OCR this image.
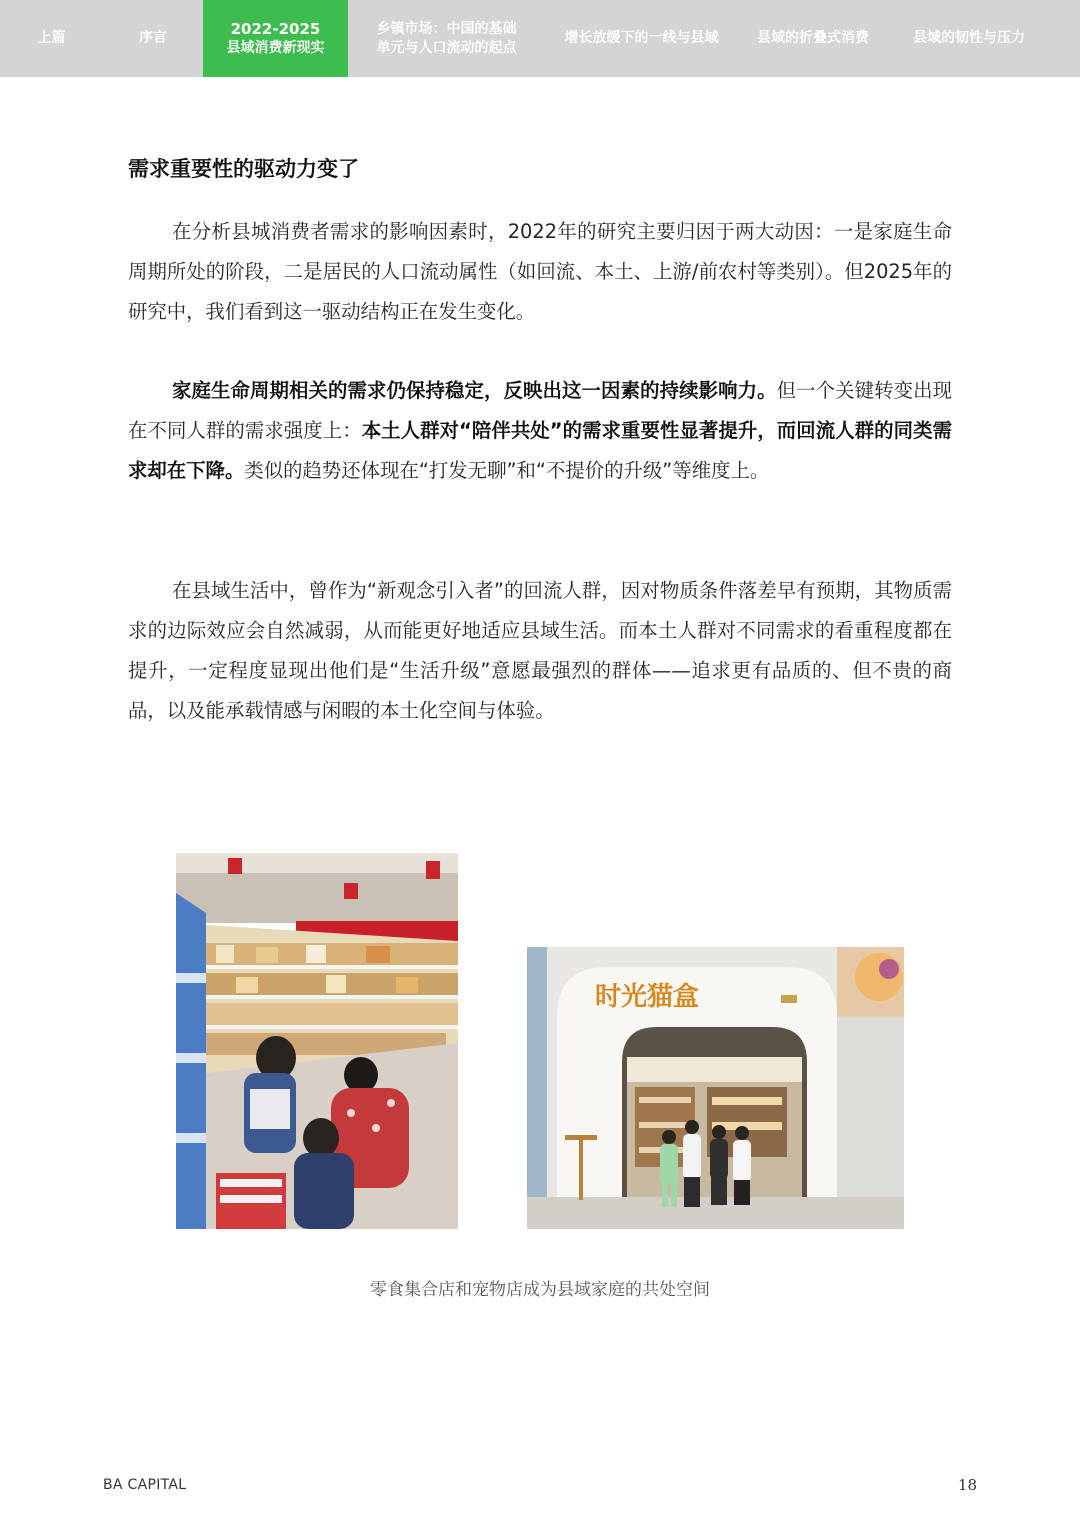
上篇	序言
2022-2025
县域消费新现实
乡镇市场：中国的基础
单元与人口流动的起点
增长放缓下的一线与县域	县域的折叠式消费	县域的韧性与压力
需求重要性的驱动力变了

在分析县城消费者需求的影响因素时，2022年的研究主要归因于两大动因：一是家庭生命周期所处的阶段，二是居民的人口流动属性（如回流、本土、上游/前农村等类别）。但2025年的研究中，我们看到这一驱动结构正在发生变化。

家庭生命周期相关的需求仍保持稳定，反映出这一因素的持续影响力。但一个关键转变出现在不同人群的需求强度上：本土人群对“陪伴共处”的需求重要性显著提升，而回流人群的同类需求却在下降。类似的趋势还体现在“打发无聊”和“不提价的升级”等维度上。

在县域生活中，曾作为“新观念引入者”的回流人群，因对物质条件落差早有预期，其物质需求的边际效应会自然减弱，从而能更好地适应县域生活。而本土人群对不同需求的看重程度都在提升，一定程度显现出他们是“生活升级”意愿最强烈的群体——追求更有品质的、但不贵的商品，以及能承载情感与闲暇的本土化空间与体验。

时光猫盒
零食集合店和宠物店成为县域家庭的共处空间
BA CAPITAL	18
